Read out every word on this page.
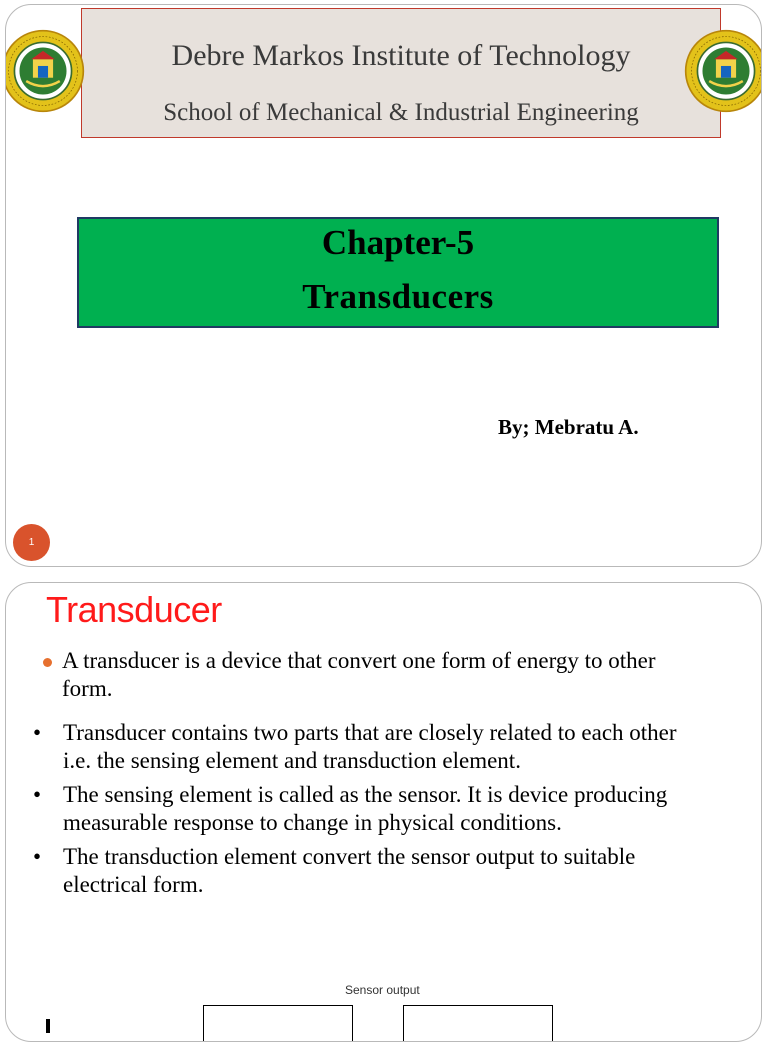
Debre Markos Institute of Technology
School of Mechanical & Industrial Engineering
Chapter-5
Transducers
By; Mebratu A.
1
Transducer
A transducer is a device that convert one form of energy to other form.
• Transducer contains two parts that are closely related to each other i.e. the sensing element and transduction element.
• The sensing element is called as the sensor. It is device producing measurable response to change in physical conditions.
• The transduction element convert the sensor output to suitable electrical form.
Sensor output
